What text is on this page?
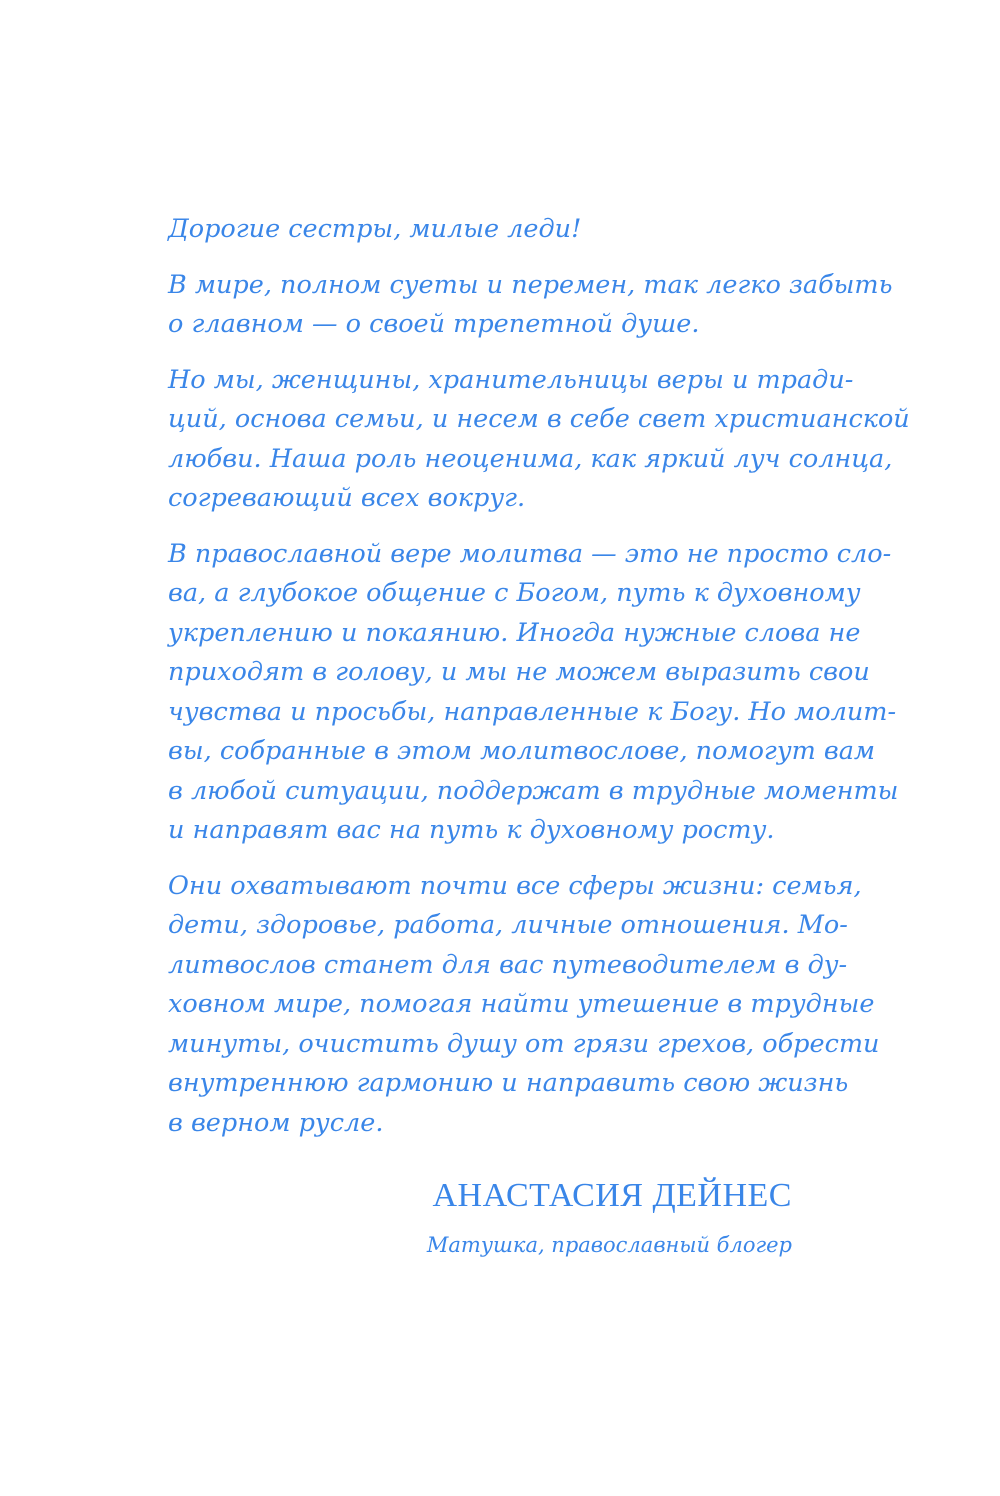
Дорогие сестры, милые леди!

В мире, полном суеты и перемен, так легко забыть
о главном — о своей трепетной душе.

Но мы, женщины, хранительницы веры и тради-
ций, основа семьи, и несем в себе свет христианской
любви. Наша роль неоценима, как яркий луч солнца,
согревающий всех вокруг.

В православной вере молитва — это не просто сло-
ва, а глубокое общение с Богом, путь к духовному
укреплению и покаянию. Иногда нужные слова не
приходят в голову, и мы не можем выразить свои
чувства и просьбы, направленные к Богу. Но молит-
вы, собранные в этом молитвослове, помогут вам
в любой ситуации, поддержат в трудные моменты
и направят вас на путь к духовному росту.

Они охватывают почти все сферы жизни: семья,
дети, здоровье, работа, личные отношения. Мо-
литвослов станет для вас путеводителем в ду-
ховном мире, помогая найти утешение в трудные
минуты, очистить душу от грязи грехов, обрести
внутреннюю гармонию и направить свою жизнь
в верном русле.

АНАСТАСИЯ ДЕЙНЕС

Матушка, православный блогер
